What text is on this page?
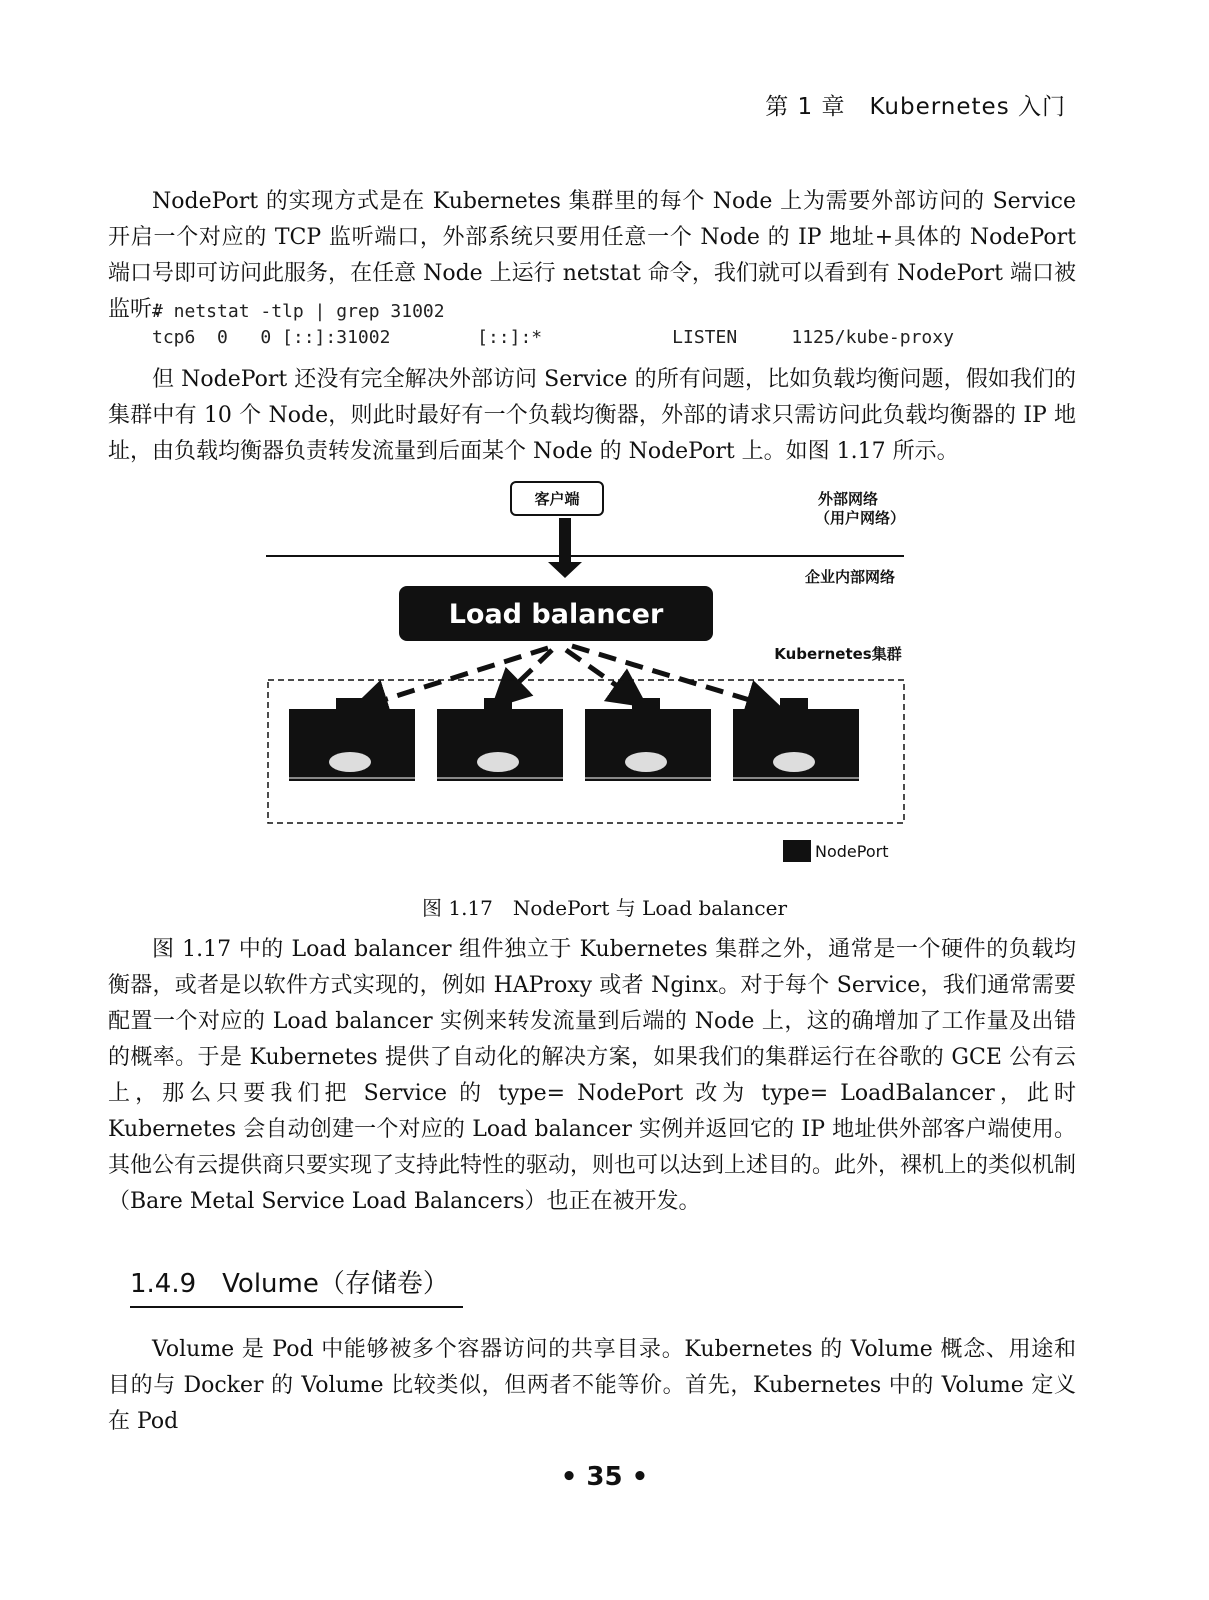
第 1 章　Kubernetes 入门

NodePort 的实现方式是在 Kubernetes 集群里的每个 Node 上为需要外部访问的 Service 开启一个对应的 TCP 监听端口，外部系统只要用任意一个 Node 的 IP 地址+具体的 NodePort 端口号即可访问此服务，在任意 Node 上运行 netstat 命令，我们就可以看到有 NodePort 端口被监听：

# netstat -tlp | grep 31002
tcp6  0   0 [::]:31002        [::]:*            LISTEN     1125/kube-proxy

但 NodePort 还没有完全解决外部访问 Service 的所有问题，比如负载均衡问题，假如我们的集群中有 10 个 Node，则此时最好有一个负载均衡器，外部的请求只需访问此负载均衡器的 IP 地址，由负载均衡器负责转发流量到后面某个 Node 的 NodePort 上。如图 1.17 所示。

客户端	外部网络
（用户网络）
企业内部网络
Load balancer
Kubernetes集群
NodePort
图 1.17　NodePort 与 Load balancer

图 1.17 中的 Load balancer 组件独立于 Kubernetes 集群之外，通常是一个硬件的负载均衡器，或者是以软件方式实现的，例如 HAProxy 或者 Nginx。对于每个 Service，我们通常需要配置一个对应的 Load balancer 实例来转发流量到后端的 Node 上，这的确增加了工作量及出错的概率。于是 Kubernetes 提供了自动化的解决方案，如果我们的集群运行在谷歌的 GCE 公有云上，那么只要我们把 Service 的 type= NodePort 改为 type= LoadBalancer，此时 Kubernetes 会自动创建一个对应的 Load balancer 实例并返回它的 IP 地址供外部客户端使用。其他公有云提供商只要实现了支持此特性的驱动，则也可以达到上述目的。此外，裸机上的类似机制（Bare Metal Service Load Balancers）也正在被开发。

1.4.9　Volume（存储卷）

Volume 是 Pod 中能够被多个容器访问的共享目录。Kubernetes 的 Volume 概念、用途和目的与 Docker 的 Volume 比较类似，但两者不能等价。首先，Kubernetes 中的 Volume 定义在 Pod

• 35 •
